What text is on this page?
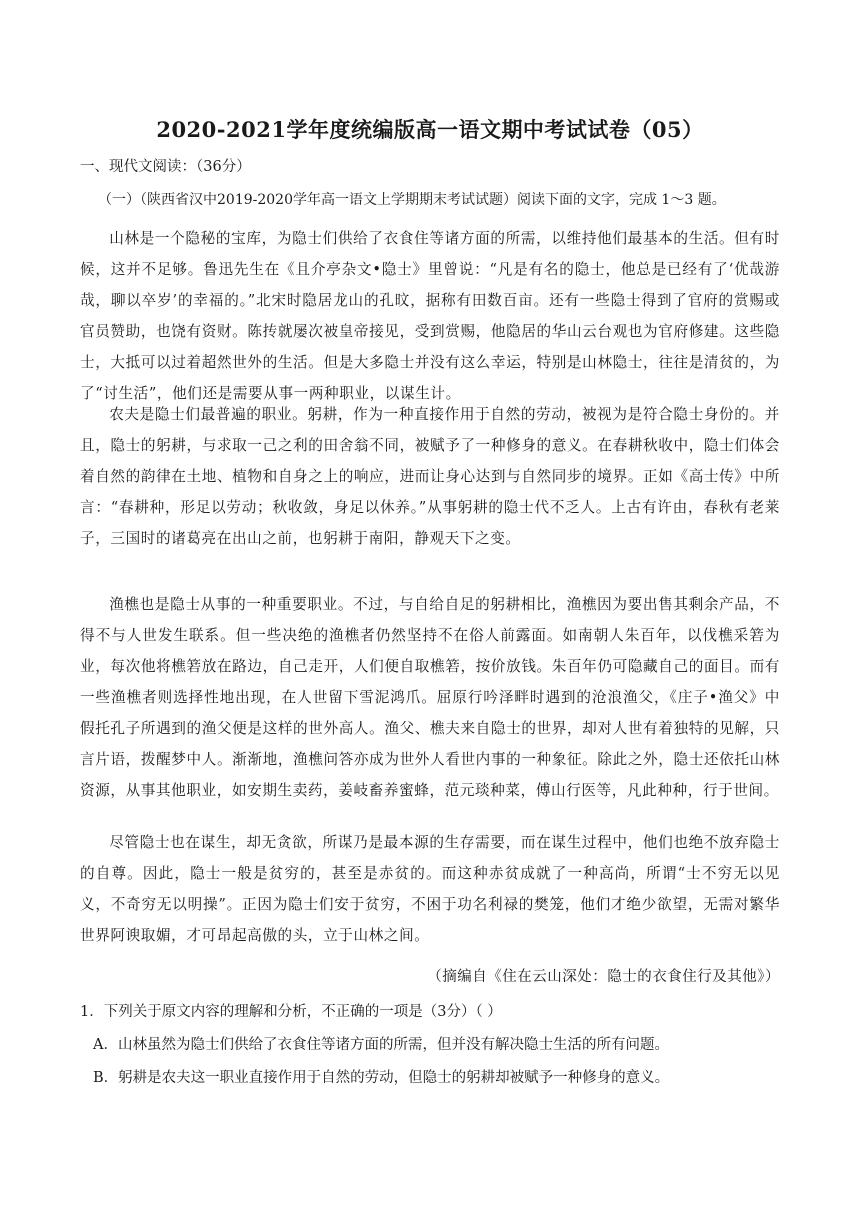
2020-2021学年度统编版高一语文期中考试试卷（05）
一、现代文阅读：（36分）
（一）（陕西省汉中2019-2020学年高一语文上学期期末考试试题）阅读下面的文字，完成 1～3 题。
山林是一个隐秘的宝库，为隐士们供给了衣食住等诸方面的所需，以维持他们最基本的生活。但有时候，这并不足够。鲁迅先生在《且介亭杂文•隐士》里曾说：“凡是有名的隐士，他总是已经有了‘优哉游哉，聊以卒岁’的幸福的。”北宋时隐居龙山的孔旼，据称有田数百亩。还有一些隐士得到了官府的赏赐或官员赞助，也饶有资财。陈抟就屡次被皇帝接见，受到赏赐，他隐居的华山云台观也为官府修建。这些隐士，大抵可以过着超然世外的生活。但是大多隐士并没有这么幸运，特别是山林隐士，往往是清贫的，为了“讨生活”，他们还是需要从事一两种职业，以谋生计。
农夫是隐士们最普遍的职业。躬耕，作为一种直接作用于自然的劳动，被视为是符合隐士身份的。并且，隐士的躬耕，与求取一己之利的田舍翁不同，被赋予了一种修身的意义。在春耕秋收中，隐士们体会着自然的韵律在土地、植物和自身之上的响应，进而让身心达到与自然同步的境界。正如《高士传》中所言：“春耕种，形足以劳动；秋收敛，身足以休养。”从事躬耕的隐士代不乏人。上古有许由，春秋有老莱子，三国时的诸葛亮在出山之前，也躬耕于南阳，静观天下之变。
渔樵也是隐士从事的一种重要职业。不过，与自给自足的躬耕相比，渔樵因为要出售其剩余产品，不得不与人世发生联系。但一些决绝的渔樵者仍然坚持不在俗人前露面。如南朝人朱百年，以伐樵采箬为业，每次他将樵箬放在路边，自己走开，人们便自取樵箬，按价放钱。朱百年仍可隐藏自己的面目。而有一些渔樵者则选择性地出现，在人世留下雪泥鸿爪。屈原行吟泽畔时遇到的沧浪渔父，《庄子•渔父》中假托孔子所遇到的渔父便是这样的世外高人。渔父、樵夫来自隐士的世界，却对人世有着独特的见解，只言片语，拨醒梦中人。渐渐地，渔樵问答亦成为世外人看世内事的一种象征。除此之外，隐士还依托山林资源，从事其他职业，如安期生卖药，姜岐畜养蜜蜂，范元琰种菜，傅山行医等，凡此种种，行于世间。
尽管隐士也在谋生，却无贪欲，所谋乃是最本源的生存需要，而在谋生过程中，他们也绝不放弃隐士的自尊。因此，隐士一般是贫穷的，甚至是赤贫的。而这种赤贫成就了一种高尚，所谓“士不穷无以见义，不奇穷无以明操”。正因为隐士们安于贫穷，不困于功名利禄的樊笼，他们才绝少欲望，无需对繁华世界阿谀取媚，才可昂起高傲的头，立于山林之间。
（摘编自《住在云山深处：隐士的衣食住行及其他》）
1．下列关于原文内容的理解和分析，不正确的一项是（3分）（ ）
A．山林虽然为隐士们供给了衣食住等诸方面的所需，但并没有解决隐士生活的所有问题。
B．躬耕是农夫这一职业直接作用于自然的劳动，但隐士的躬耕却被赋予一种修身的意义。
